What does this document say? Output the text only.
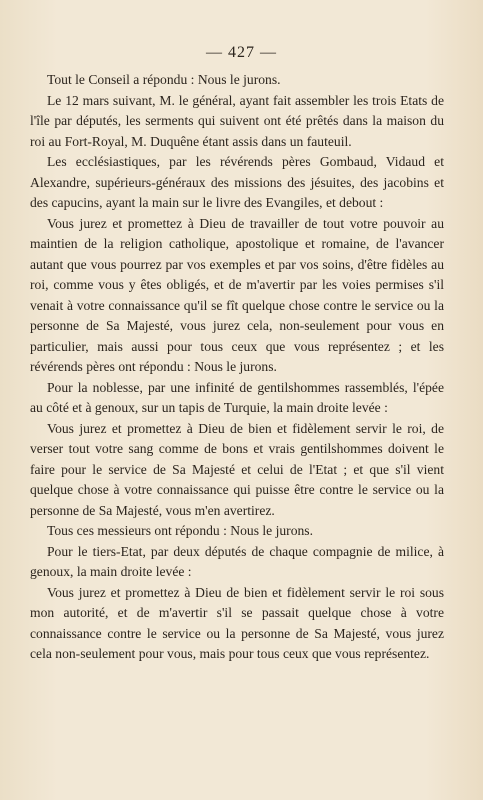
— 427 —

Tout le Conseil a répondu : Nous le jurons.

Le 12 mars suivant, M. le général, ayant fait assembler les trois Etats de l'île par députés, les serments qui suivent ont été prêtés dans la maison du roi au Fort-Royal, M. Duquêne étant assis dans un fauteuil.

Les ecclésiastiques, par les révérends pères Gombaud, Vidaud et Alexandre, supérieurs-généraux des missions des jésuites, des jacobins et des capucins, ayant la main sur le livre des Evangiles, et debout :

Vous jurez et promettez à Dieu de travailler de tout votre pouvoir au maintien de la religion catholique, apostolique et romaine, de l'avancer autant que vous pourrez par vos exemples et par vos soins, d'être fidèles au roi, comme vous y êtes obligés, et de m'avertir par les voies permises s'il venait à votre connaissance qu'il se fît quelque chose contre le service ou la personne de Sa Majesté, vous jurez cela, non-seulement pour vous en particulier, mais aussi pour tous ceux que vous représentez ; et les révérends pères ont répondu : Nous le jurons.

Pour la noblesse, par une infinité de gentilshommes rassemblés, l'épée au côté et à genoux, sur un tapis de Turquie, la main droite levée :

Vous jurez et promettez à Dieu de bien et fidèlement servir le roi, de verser tout votre sang comme de bons et vrais gentilshommes doivent le faire pour le service de Sa Majesté et celui de l'Etat ; et que s'il vient quelque chose à votre connaissance qui puisse être contre le service ou la personne de Sa Majesté, vous m'en avertirez.

Tous ces messieurs ont répondu : Nous le jurons.

Pour le tiers-Etat, par deux députés de chaque compagnie de milice, à genoux, la main droite levée :

Vous jurez et promettez à Dieu de bien et fidèlement servir le roi sous mon autorité, et de m'avertir s'il se passait quelque chose à votre connaissance contre le service ou la personne de Sa Majesté, vous jurez cela non-seulement pour vous, mais pour tous ceux que vous représentez.
